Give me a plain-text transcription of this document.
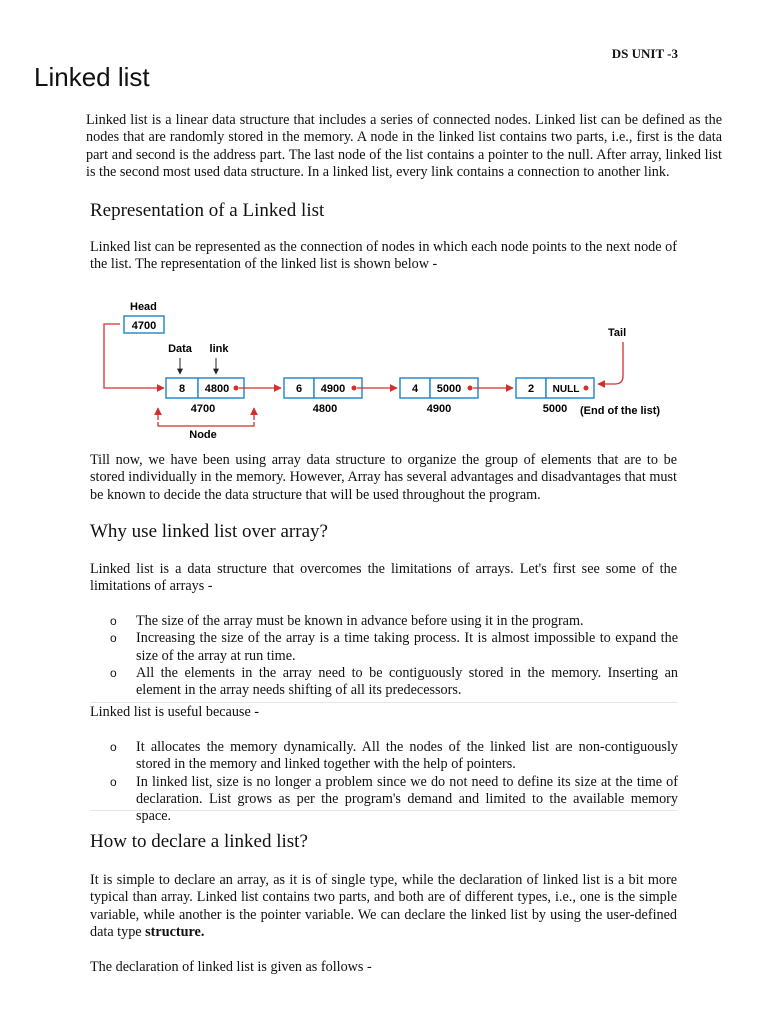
DS UNIT -3
Linked list

Linked list is a linear data structure that includes a series of connected nodes. Linked list can be defined as the nodes that are randomly stored in the memory. A node in the linked list contains two parts, i.e., first is the data part and second is the address part. The last node of the list contains a pointer to the null. After array, linked list is the second most used data structure. In a linked list, every link contains a connection to another link.

Representation of a Linked list

Linked list can be represented as the connection of nodes in which each node points to the next node of the list. The representation of the linked list is shown below -

Head
4700
Data link
8 4800
4700
6 4900
4800
4 5000
4900
2 NULL
5000 (End of the list)
Tail
Node

Till now, we have been using array data structure to organize the group of elements that are to be stored individually in the memory. However, Array has several advantages and disadvantages that must be known to decide the data structure that will be used throughout the program.

Why use linked list over array?

Linked list is a data structure that overcomes the limitations of arrays. Let's first see some of the limitations of arrays -

o The size of the array must be known in advance before using it in the program.
o Increasing the size of the array is a time taking process. It is almost impossible to expand the size of the array at run time.
o All the elements in the array need to be contiguously stored in the memory. Inserting an element in the array needs shifting of all its predecessors.

Linked list is useful because -

o It allocates the memory dynamically. All the nodes of the linked list are non-contiguously stored in the memory and linked together with the help of pointers.
o In linked list, size is no longer a problem since we do not need to define its size at the time of declaration. List grows as per the program's demand and limited to the available memory space.
How to declare a linked list?

It is simple to declare an array, as it is of single type, while the declaration of linked list is a bit more typical than array. Linked list contains two parts, and both are of different types, i.e., one is the simple variable, while another is the pointer variable. We can declare the linked list by using the user-defined data type structure.

The declaration of linked list is given as follows -
